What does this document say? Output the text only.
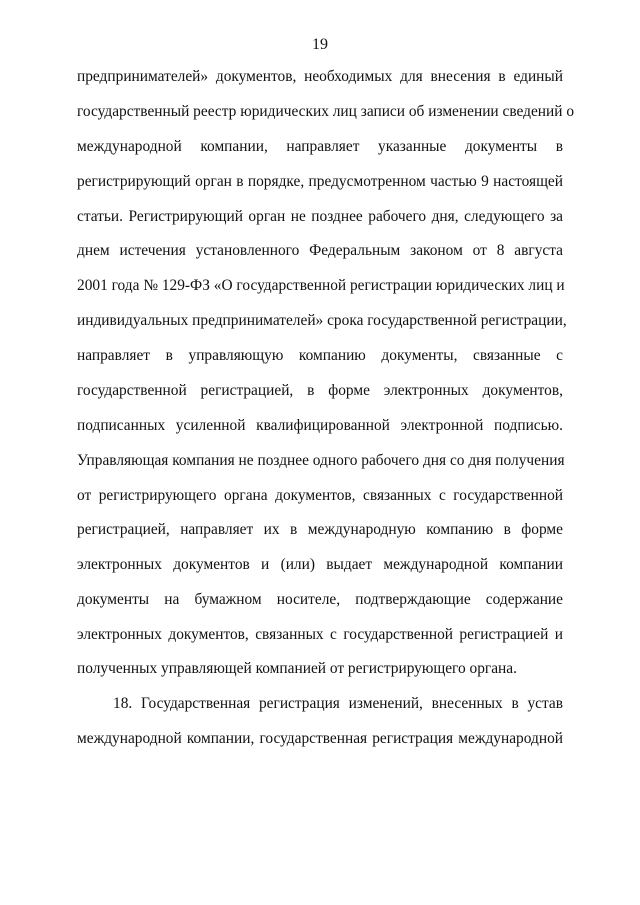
19
предпринимателей» документов, необходимых для внесения в единый
государственный реестр юридических лиц записи об изменении сведений о
международной компании, направляет указанные документы в
регистрирующий орган в порядке, предусмотренном частью 9 настоящей
статьи. Регистрирующий орган не позднее рабочего дня, следующего за
днем истечения установленного Федеральным законом от 8 августа
2001 года № 129-ФЗ «О государственной регистрации юридических лиц и
индивидуальных предпринимателей» срока государственной регистрации,
направляет в управляющую компанию документы, связанные с
государственной регистрацией, в форме электронных документов,
подписанных усиленной квалифицированной электронной подписью.
Управляющая компания не позднее одного рабочего дня со дня получения
от регистрирующего органа документов, связанных с государственной
регистрацией, направляет их в международную компанию в форме
электронных документов и (или) выдает международной компании
документы на бумажном носителе, подтверждающие содержание
электронных документов, связанных с государственной регистрацией и
полученных управляющей компанией от регистрирующего органа.
18. Государственная регистрация изменений, внесенных в устав
международной компании, государственная регистрация международной
